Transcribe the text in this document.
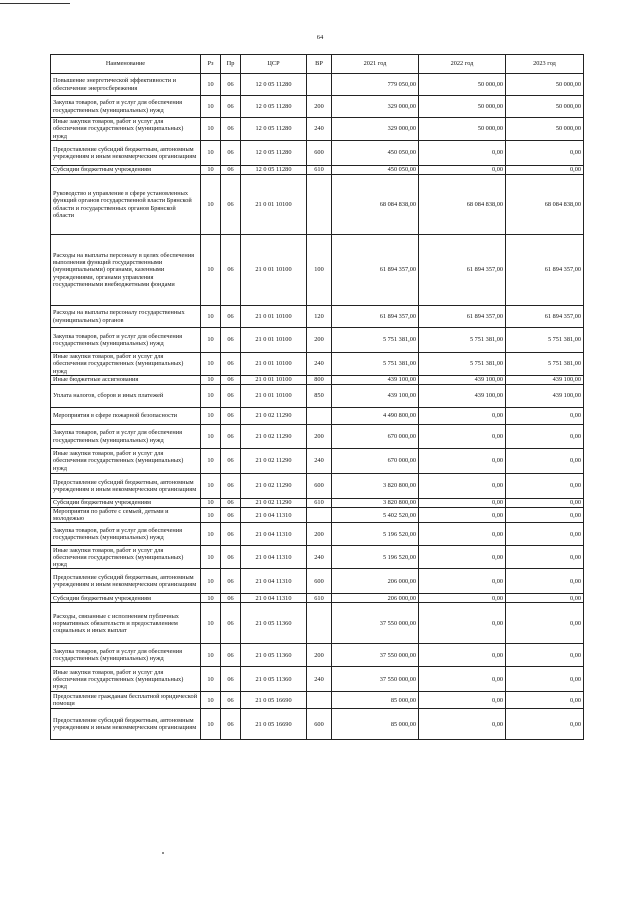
64
Наименование	Рз	Пр	ЦСР	ВР	2021 год	2022 год	2023 год
Повышение энергетической эффективности и обеспечение энергосбережения	10	06	12 0 05 11280		779 050,00	50 000,00	50 000,00
Закупка товаров, работ и услуг для обеспечения государственных (муниципальных) нужд	10	06	12 0 05 11280	200	329 000,00	50 000,00	50 000,00
Иные закупки товаров, работ и услуг для обеспечения государственных (муниципальных) нужд	10	06	12 0 05 11280	240	329 000,00	50 000,00	50 000,00
Предоставление субсидий бюджетным, автономным учреждениям и иным некоммерческим организациям	10	06	12 0 05 11280	600	450 050,00	0,00	0,00
Субсидии бюджетным учреждениям	10	06	12 0 05 11280	610	450 050,00	0,00	0,00
Руководство и управление в сфере установленных функций органов государственной власти Брянской области и государственных органов Брянской области	10	06	21 0 01 10100		68 084 838,00	68 084 838,00	68 084 838,00
Расходы на выплаты персоналу в целях обеспечения выполнения функций государственными (муниципальными) органами, казенными учреждениями, органами управления государственными внебюджетными фондами	10	06	21 0 01 10100	100	61 894 357,00	61 894 357,00	61 894 357,00
Расходы на выплаты персоналу государственных (муниципальных) органов	10	06	21 0 01 10100	120	61 894 357,00	61 894 357,00	61 894 357,00
Закупка товаров, работ и услуг для обеспечения государственных (муниципальных) нужд	10	06	21 0 01 10100	200	5 751 381,00	5 751 381,00	5 751 381,00
Иные закупки товаров, работ и услуг для обеспечения государственных (муниципальных) нужд	10	06	21 0 01 10100	240	5 751 381,00	5 751 381,00	5 751 381,00
Иные бюджетные ассигнования	10	06	21 0 01 10100	800	439 100,00	439 100,00	439 100,00
Уплата налогов, сборов и иных платежей	10	06	21 0 01 10100	850	439 100,00	439 100,00	439 100,00
Мероприятия в сфере пожарной безопасности	10	06	21 0 02 11290		4 490 800,00	0,00	0,00
Закупка товаров, работ и услуг для обеспечения государственных (муниципальных) нужд	10	06	21 0 02 11290	200	670 000,00	0,00	0,00
Иные закупки товаров, работ и услуг для обеспечения государственных (муниципальных) нужд	10	06	21 0 02 11290	240	670 000,00	0,00	0,00
Предоставление субсидий бюджетным, автономным учреждениям и иным некоммерческим организациям	10	06	21 0 02 11290	600	3 820 800,00	0,00	0,00
Субсидии бюджетным учреждениям	10	06	21 0 02 11290	610	3 820 800,00	0,00	0,00
Мероприятия по работе с семьей, детьми и молодежью	10	06	21 0 04 11310		5 402 520,00	0,00	0,00
Закупка товаров, работ и услуг для обеспечения государственных (муниципальных) нужд	10	06	21 0 04 11310	200	5 196 520,00	0,00	0,00
Иные закупки товаров, работ и услуг для обеспечения государственных (муниципальных) нужд	10	06	21 0 04 11310	240	5 196 520,00	0,00	0,00
Предоставление субсидий бюджетным, автономным учреждениям и иным некоммерческим организациям	10	06	21 0 04 11310	600	206 000,00	0,00	0,00
Субсидии бюджетным учреждениям	10	06	21 0 04 11310	610	206 000,00	0,00	0,00
Расходы, связанные с исполнением публичных нормативных обязательств и предоставлением социальных и иных выплат	10	06	21 0 05 11360		37 550 000,00	0,00	0,00
Закупка товаров, работ и услуг для обеспечения государственных (муниципальных) нужд	10	06	21 0 05 11360	200	37 550 000,00	0,00	0,00
Иные закупки товаров, работ и услуг для обеспечения государственных (муниципальных) нужд	10	06	21 0 05 11360	240	37 550 000,00	0,00	0,00
Предоставление гражданам бесплатной юридической помощи	10	06	21 0 05 16690		85 000,00	0,00	0,00
Предоставление субсидий бюджетным, автономным учреждениям и иным некоммерческим организациям	10	06	21 0 05 16690	600	85 000,00	0,00	0,00
